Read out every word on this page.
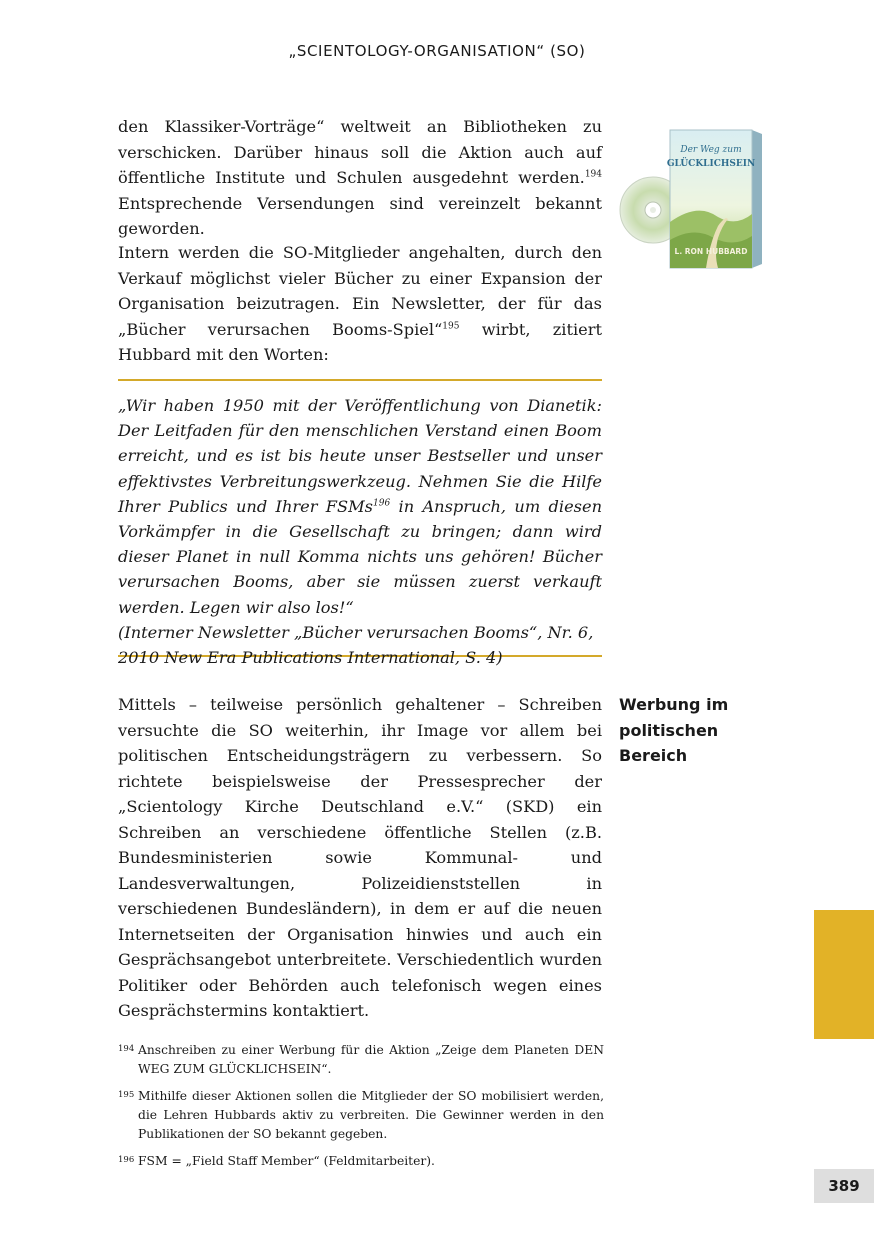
„SCIENTOLOGY-ORGANISATION“ (SO)

den Klassiker-Vorträge“ weltweit an Bibliotheken zu verschicken. Darüber hinaus soll die Aktion auch auf öffentliche Institute und Schulen ausgedehnt werden.$^{194}$ Entsprechende Versendungen sind vereinzelt bekannt geworden.

Intern werden die SO-Mitglieder angehalten, durch den Verkauf möglichst vieler Bücher zu einer Expansion der Organisation beizutragen. Ein Newsletter, der für das „Bücher verursachen Booms-Spiel“$^{195}$ wirbt, zitiert Hubbard mit den Worten:

Der Weg zum
GLÜCKLICHSEIN
L. RON HUBBARD

„Wir haben 1950 mit der Veröffentlichung von Dianetik: Der Leitfaden für den menschlichen Verstand einen Boom erreicht, und es ist bis heute unser Bestseller und unser effektivstes Verbreitungswerkzeug. Nehmen Sie die Hilfe Ihrer Publics und Ihrer FSMs$^{196}$ in Anspruch, um diesen Vorkämpfer in die Gesellschaft zu bringen; dann wird dieser Planet in null Komma nichts uns gehören! Bücher verursachen Booms, aber sie müssen zuerst verkauft werden. Legen wir also los!“
(Interner Newsletter „Bücher verursachen Booms“, Nr. 6, 2010 New Era Publications International, S. 4)

Werbung im politischen Bereich

Mittels – teilweise persönlich gehaltener – Schreiben versuchte die SO weiterhin, ihr Image vor allem bei politischen Entscheidungsträgern zu verbessern. So richtete beispielsweise der Pressesprecher der „Scientology Kirche Deutschland e.V.“ (SKD) ein Schreiben an verschiedene öffentliche Stellen (z.B. Bundesministerien sowie Kommunal- und Landesverwaltungen, Polizeidienststellen in verschiedenen Bundesländern), in dem er auf die neuen Internetseiten der Organisation hinwies und auch ein Gesprächsangebot unterbreitete. Verschiedentlich wurden Politiker oder Behörden auch telefonisch wegen eines Gesprächstermins kontaktiert.

194 Anschreiben zu einer Werbung für die Aktion „Zeige dem Planeten DEN WEG ZUM GLÜCKLICHSEIN“.
195 Mithilfe dieser Aktionen sollen die Mitglieder der SO mobilisiert werden, die Lehren Hubbards aktiv zu verbreiten. Die Gewinner werden in den Publikationen der SO bekannt gegeben.
196 FSM = „Field Staff Member“ (Feldmitarbeiter).
389
